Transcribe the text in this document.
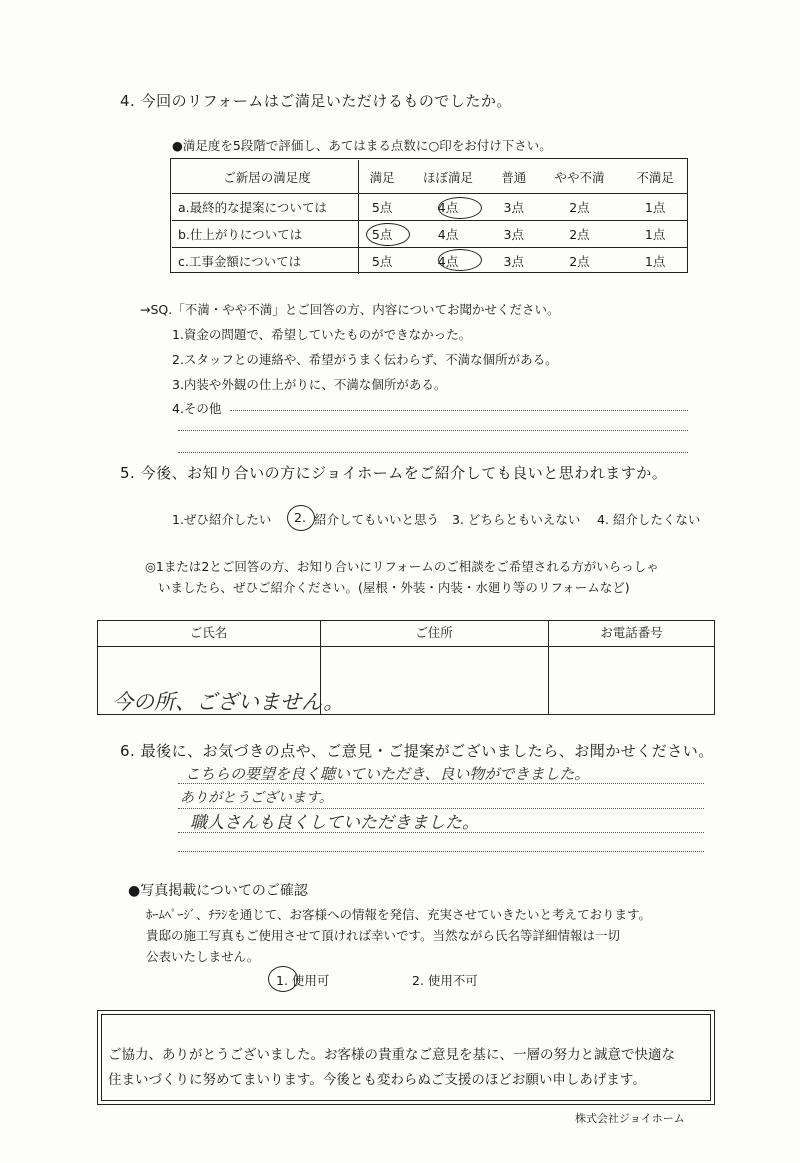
4. 今回のリフォームはご満足いただけるものでしたか。
●満足度を5段階で評価し、あてはまる点数に○印をお付け下さい。
ご新居の満足度	満足	ほぼ満足	普通	やや不満	不満足
a.最終的な提案については	5点	4点	3点	2点	1点
b.仕上がりについては	5点	4点	3点	2点	1点
c.工事金額については	5点	4点	3点	2点	1点
→SQ.「不満・やや不満」とご回答の方、内容についてお聞かせください。
1.資金の問題で、希望していたものができなかった。
2.スタッフとの連絡や、希望がうまく伝わらず、不満な個所がある。
3.内装や外観の仕上がりに、不満な個所がある。
4.その他
5. 今後、お知り合いの方にジョイホームをご紹介しても良いと思われますか。
1.ぜひ紹介したい 2. 紹介してもいいと思う 3. どちらともいえない 4. 紹介したくない
◎1または2とご回答の方、お知り合いにリフォームのご相談をご希望される方がいらっしゃ
いましたら、ぜひご紹介ください。(屋根・外装・内装・水廻り等のリフォームなど)
ご氏名	ご住所	お電話番号
今の所、ございません。
6. 最後に、お気づきの点や、ご意見・ご提案がございましたら、お聞かせください。
こちらの要望を良く聴いていただき、良い物ができました。
ありがとうございます。
職人さんも良くしていただきました。
●写真掲載についてのご確認
ﾎｰﾑﾍﾟｰｼﾞ、ﾁﾗｼを通じて、お客様への情報を発信、充実させていきたいと考えております。
貴邸の施工写真もご使用させて頂ければ幸いです。当然ながら氏名等詳細情報は一切
公表いたしません。
1. 使用可	2. 使用不可
ご協力、ありがとうございました。お客様の貴重なご意見を基に、一層の努力と誠意で快適な
住まいづくりに努めてまいります。今後とも変わらぬご支援のほどお願い申しあげます。
株式会社ジョイホーム
